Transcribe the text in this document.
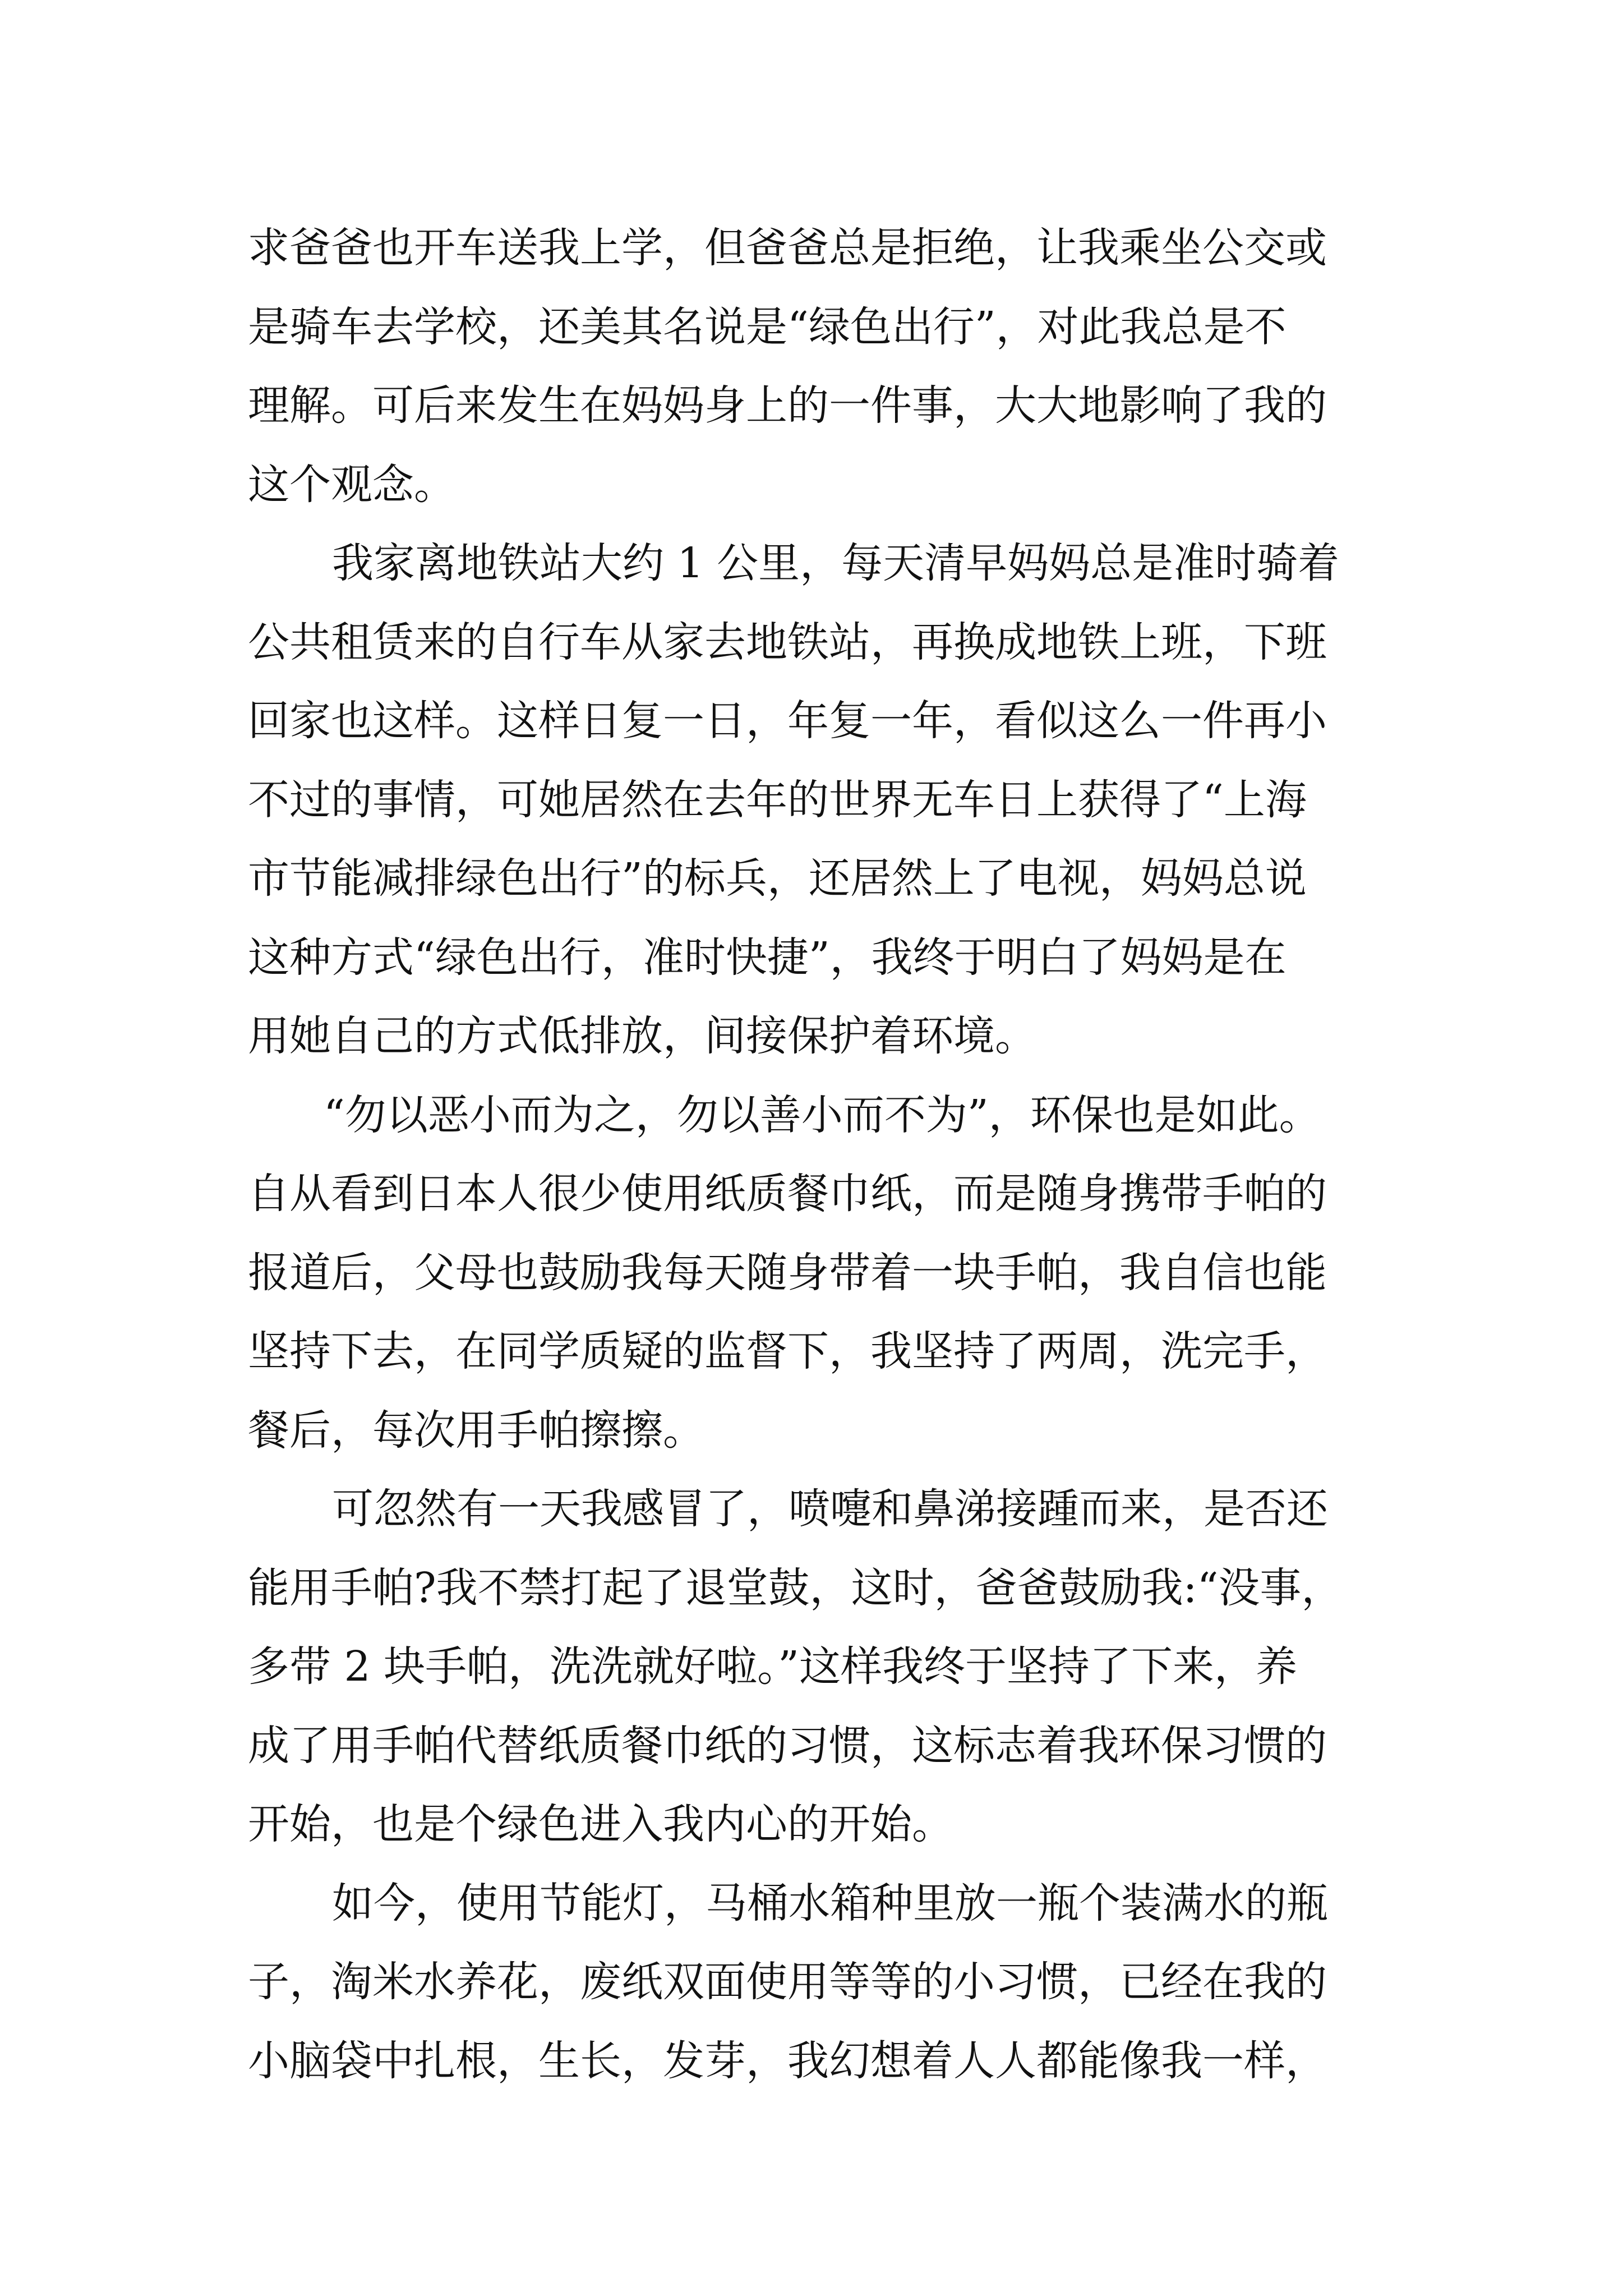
求爸爸也开车送我上学，但爸爸总是拒绝，让我乘坐公交或
是骑车去学校，还美其名说是“绿色出行”，对此我总是不
理解。可后来发生在妈妈身上的一件事，大大地影响了我的
这个观念。
我家离地铁站大约 1 公里，每天清早妈妈总是准时骑着
公共租赁来的自行车从家去地铁站，再换成地铁上班，下班
回家也这样。这样日复一日，年复一年，看似这么一件再小
不过的事情，可她居然在去年的世界无车日上获得了“上海
市节能减排绿色出行”的标兵，还居然上了电视，妈妈总说
这种方式“绿色出行，准时快捷”，我终于明白了妈妈是在
用她自己的方式低排放，间接保护着环境。
“勿以恶小而为之，勿以善小而不为”，环保也是如此。
自从看到日本人很少使用纸质餐巾纸，而是随身携带手帕的
报道后，父母也鼓励我每天随身带着一块手帕，我自信也能
坚持下去，在同学质疑的监督下，我坚持了两周，洗完手，
餐后，每次用手帕擦擦。
可忽然有一天我感冒了，喷嚏和鼻涕接踵而来，是否还
能用手帕?我不禁打起了退堂鼓，这时，爸爸鼓励我:“没事，
多带 2 块手帕，洗洗就好啦。”这样我终于坚持了下来，养
成了用手帕代替纸质餐巾纸的习惯，这标志着我环保习惯的
开始，也是个绿色进入我内心的开始。
如今，使用节能灯，马桶水箱种里放一瓶个装满水的瓶
子，淘米水养花，废纸双面使用等等的小习惯，已经在我的
小脑袋中扎根，生长，发芽，我幻想着人人都能像我一样，
